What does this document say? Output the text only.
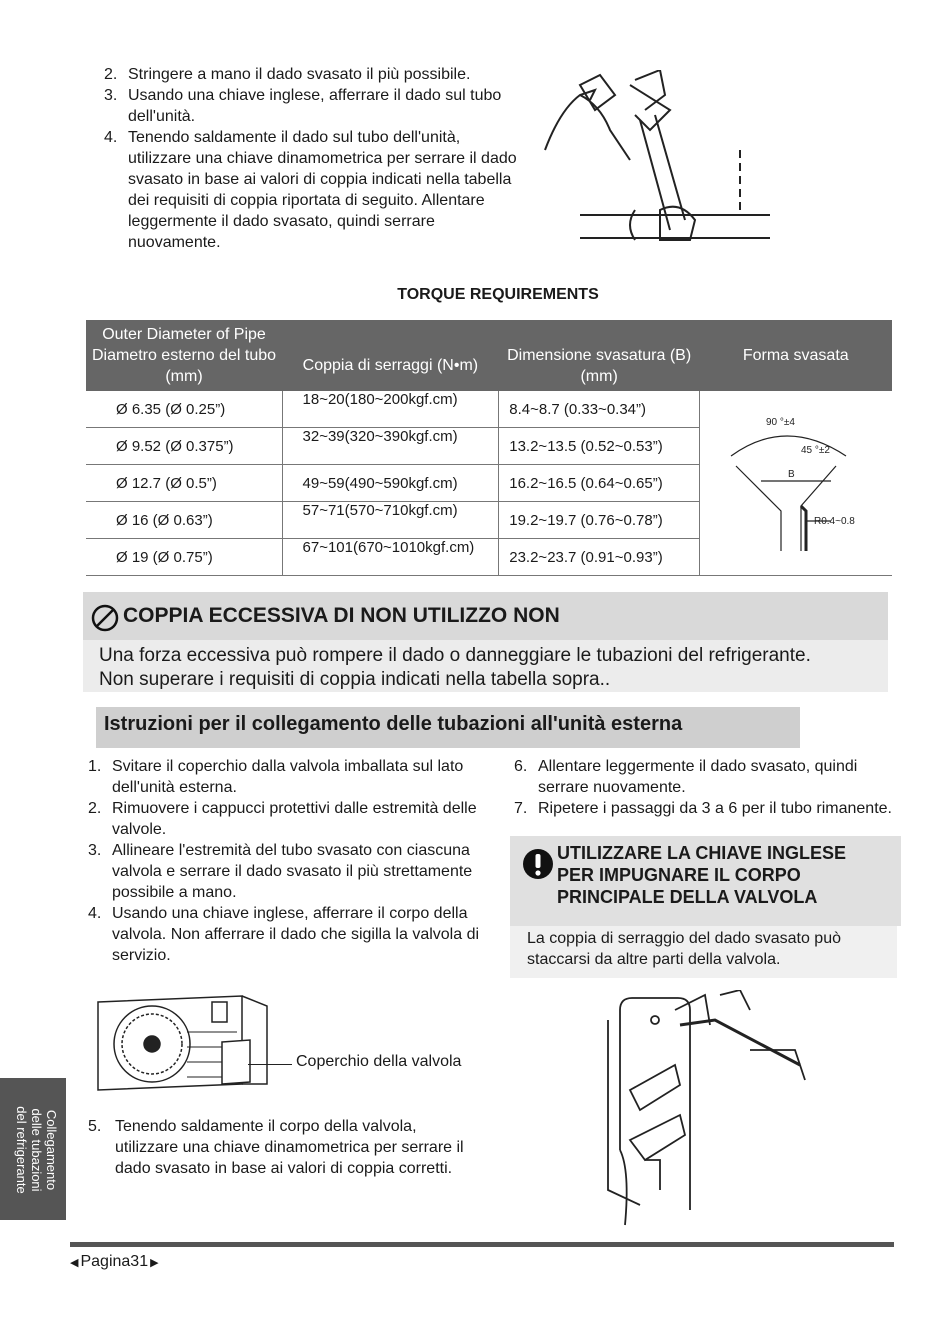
2. Stringere a mano il dado svasato il più possibile.
3. Usando una chiave inglese, afferrare il dado sul tubo dell'unità.
4. Tenendo saldamente il dado sul tubo dell'unità, utilizzare una chiave dinamometrica per serrare il dado svasato in base ai valori di coppia indicati nella tabella dei requisiti di coppia riportata di seguito. Allentare leggermente il dado svasato, quindi serrare nuovamente.
TORQUE REQUIREMENTS
Outer Diameter of Pipe Diametro esterno del tubo (mm)	Coppia di serraggi (N•m)	Dimensione svasatura (B) (mm)	Forma svasata
Ø 6.35 (Ø 0.25”)	18~20(180~200kgf.cm)	8.4~8.7 (0.33~0.34”)	90 °±4
45 °±2
B
R0.4~0.8

Ø 9.52 (Ø 0.375”)	32~39(320~390kgf.cm)	13.2~13.5 (0.52~0.53”)	
Ø 12.7 (Ø 0.5”)	49~59(490~590kgf.cm)	16.2~16.5 (0.64~0.65”)	
Ø 16 (Ø 0.63”)	57~71(570~710kgf.cm)	19.2~19.7 (0.76~0.78”)	
Ø 19 (Ø 0.75”)	67~101(670~1010kgf.cm)	23.2~23.7 (0.91~0.93”)	
COPPIA ECCESSIVA DI NON UTILIZZO NON
Una forza eccessiva può rompere il dado o danneggiare le tubazioni del refrigerante.
Non superare i requisiti di coppia indicati nella tabella sopra..
Istruzioni per il collegamento delle tubazioni all'unità esterna
1. Svitare il coperchio dalla valvola imballata sul lato dell'unità esterna.
2. Rimuovere i cappucci protettivi dalle estremità delle valvole.
3. Allineare l'estremità del tubo svasato con ciascuna valvola e serrare il dado svasato il più strettamente possibile a mano.
4. Usando una chiave inglese, afferrare il corpo della valvola. Non afferrare il dado che sigilla la valvola di servizio.
6. Allentare leggermente il dado svasato, quindi serrare nuovamente.
7. Ripetere i passaggi da 3 a 6 per il tubo rimanente.
UTILIZZARE LA CHIAVE INGLESE PER IMPUGNARE IL CORPO PRINCIPALE DELLA VALVOLA
La coppia di serraggio del dado svasato può staccarsi da altre parti della valvola.
Coperchio della valvola
5. Tenendo saldamente il corpo della valvola, utilizzare una chiave dinamometrica per serrare il dado svasato in base ai valori di coppia corretti.
Collegamento
delle tubazioni
del refrigerante
◀ Pagina31 ▶
